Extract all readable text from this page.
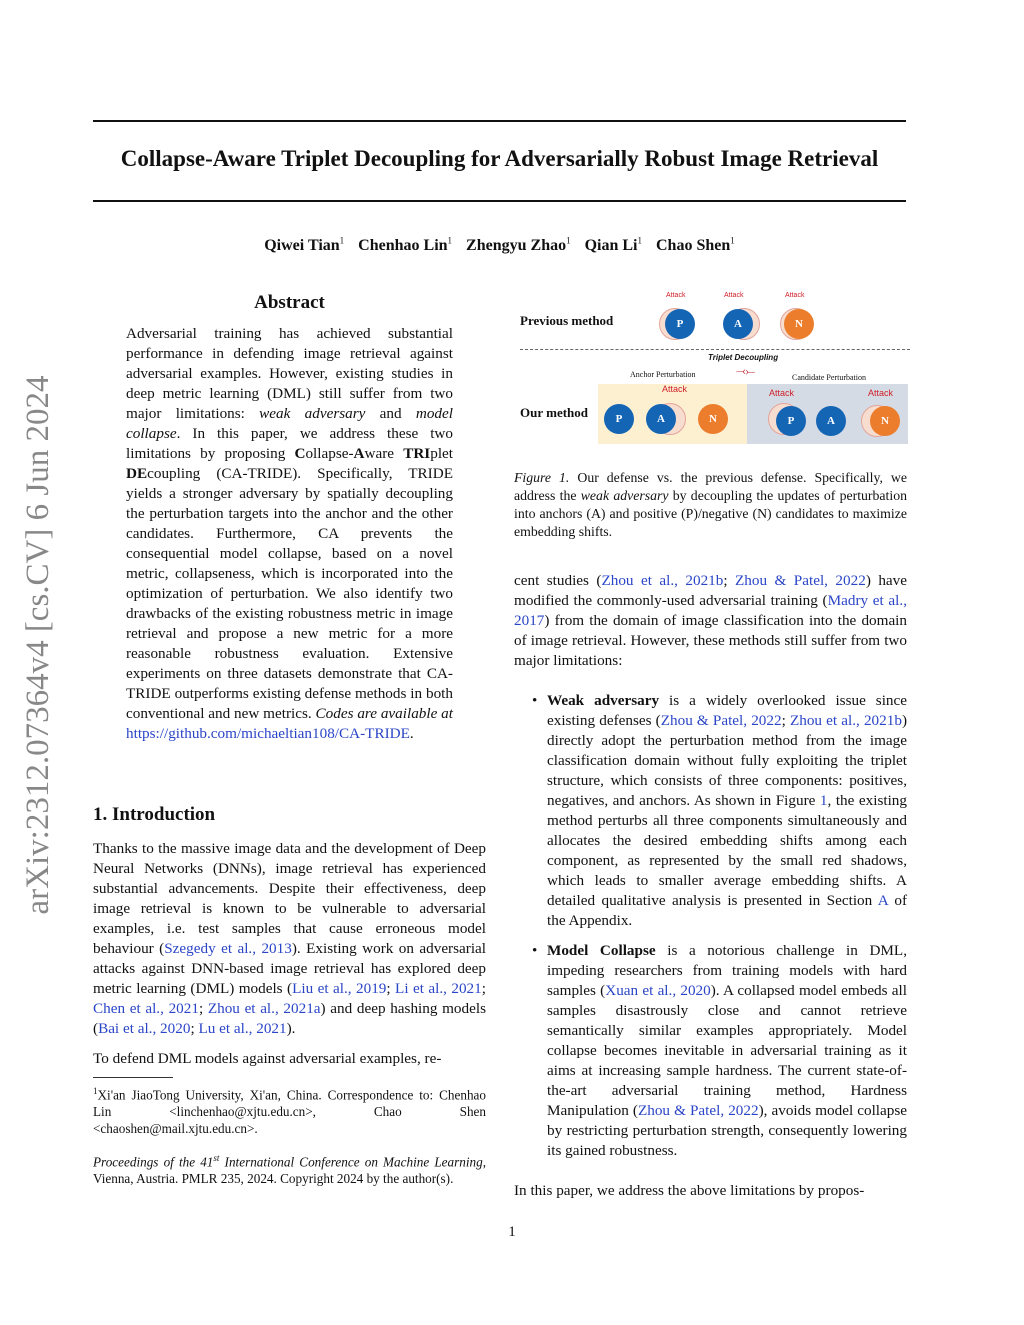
arXiv:2312.07364v4 [cs.CV] 6 Jun 2024
Collapse-Aware Triplet Decoupling for Adversarially Robust Image Retrieval
Qiwei Tian$^1$ Chenhao Lin$^1$ Zhengyu Zhao$^1$ Qian Li$^1$ Chao Shen$^1$
Abstract

Adversarial training has achieved substantial performance in defending image retrieval against adversarial examples. However, existing studies in deep metric learning (DML) still suffer from two major limitations: weak adversary and model collapse. In this paper, we address these two limitations by proposing Collapse-Aware TRIplet DEcoupling (CA-TRIDE). Specifically, TRIDE yields a stronger adversary by spatially decoupling the perturbation targets into the anchor and the other candidates. Furthermore, CA prevents the consequential model collapse, based on a novel metric, collapseness, which is incorporated into the optimization of perturbation. We also identify two drawbacks of the existing robustness metric in image retrieval and propose a new metric for a more reasonable robustness evaluation. Extensive experiments on three datasets demonstrate that CA-TRIDE outperforms existing defense methods in both conventional and new metrics. Codes are available at https://github.com/michaeltian108/CA-TRIDE.

1. Introduction

Thanks to the massive image data and the development of Deep Neural Networks (DNNs), image retrieval has experienced substantial advancements. Despite their effectiveness, deep image retrieval is known to be vulnerable to adversarial examples, i.e. test samples that cause erroneous model behaviour (Szegedy et al., 2013). Existing work on adversarial attacks against DNN-based image retrieval has explored deep metric learning (DML) models (Liu et al., 2019; Li et al., 2021; Chen et al., 2021; Zhou et al., 2021a) and deep hashing models (Bai et al., 2020; Lu et al., 2021).

To defend DML models against adversarial examples, re-

$^1$Xi'an JiaoTong University, Xi'an, China. Correspondence to: Chenhao Lin <linchenhao@xjtu.edu.cn>, Chao Shen <chaoshen@mail.xjtu.edu.cn>.
Proceedings of the 41st International Conference on Machine Learning, Vienna, Austria. PMLR 235, 2024. Copyright 2024 by the author(s).
Previous method
Attack	Attack	Attack
P	A	N
Triplet Decoupling
⤙⤚
Anchor Perturbation	Candidate Perturbation
Our method
Attack
P	A	N
Attack
P	A
Attack
N
Figure 1. Our defense vs. the previous defense. Specifically, we address the weak adversary by decoupling the updates of perturbation into anchors (A) and positive (P)/negative (N) candidates to maximize embedding shifts.

cent studies (Zhou et al., 2021b; Zhou & Patel, 2022) have modified the commonly-used adversarial training (Madry et al., 2017) from the domain of image classification into the domain of image retrieval. However, these methods still suffer from two major limitations:

• Weak adversary is a widely overlooked issue since existing defenses (Zhou & Patel, 2022; Zhou et al., 2021b) directly adopt the perturbation method from the image classification domain without fully exploiting the triplet structure, which consists of three components: positives, negatives, and anchors. As shown in Figure 1, the existing method perturbs all three components simultaneously and allocates the desired embedding shifts among each component, as represented by the small red shadows, which leads to smaller average embedding shifts. A detailed qualitative analysis is presented in Section A of the Appendix.
• Model Collapse is a notorious challenge in DML, impeding researchers from training models with hard samples (Xuan et al., 2020). A collapsed model embeds all samples disastrously close and cannot retrieve semantically similar examples appropriately. Model collapse becomes inevitable in adversarial training as it aims at increasing sample hardness. The current state-of-the-art adversarial training method, Hardness Manipulation (Zhou & Patel, 2022), avoids model collapse by restricting perturbation strength, consequently lowering its gained robustness.

In this paper, we address the above limitations by propos-

1
